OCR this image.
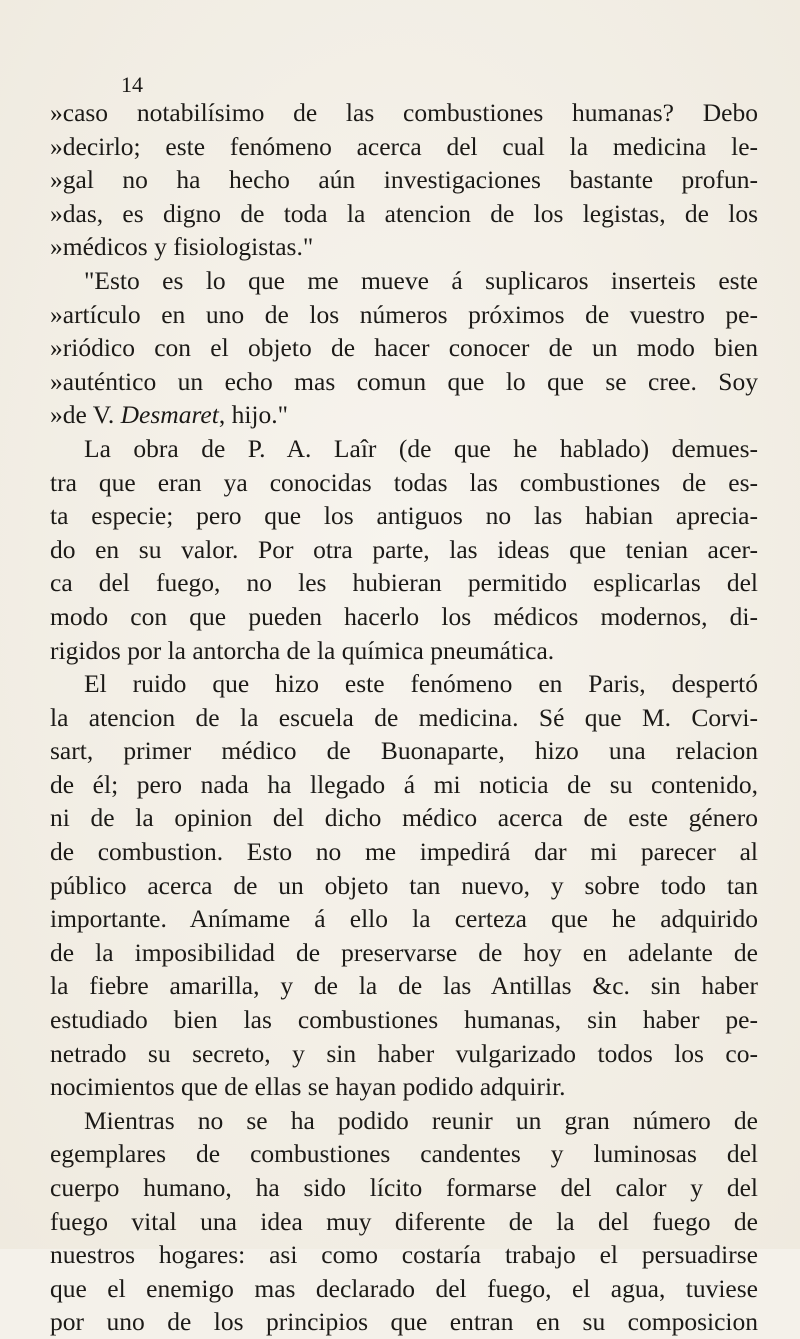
14
»caso notabilísimo de las combustiones humanas? Debo
»decirlo; este fenómeno acerca del cual la medicina le-
»gal no ha hecho aún investigaciones bastante profun-
»das, es digno de toda la atencion de los legistas, de los
»médicos y fisiologistas."
"Esto es lo que me mueve á suplicaros inserteis este
»artículo en uno de los números próximos de vuestro pe-
»riódico con el objeto de hacer conocer de un modo bien
»auténtico un echo mas comun que lo que se cree. Soy
»de V. Desmaret, hijo."
La obra de P. A. Laîr (de que he hablado) demues-
tra que eran ya conocidas todas las combustiones de es-
ta especie; pero que los antiguos no las habian apreciа-
do en su valor. Por otra parte, las ideas que tenian acer-
ca del fuego, no les hubieran permitido esplicarlas del
modo con que pueden hacerlo los médicos modernos, di-
rigidos por la antorcha de la química pneumática.
El ruido que hizo este fenómeno en Paris, despertó
la atencion de la escuela de medicina. Sé que M. Corvi-
sart, primer médico de Buonaparte, hizo una relacion
de él; pero nada ha llegado á mi noticia de su contenido,
ni de la opinion del dicho médico acerca de este género
de combustion. Esto no me impedirá dar mi parecer al
público acerca de un objeto tan nuevo, y sobre todo tan
importante. Anímame á ello la certeza que he adquirido
de la imposibilidad de preservarse de hoy en adelante de
la fiebre amarilla, y de la de las Antillas &c. sin haber
estudiado bien las combustiones humanas, sin haber pe-
netrado su secreto, y sin haber vulgarizado todos los co-
nocimientos que de ellas se hayan podido adquirir.
Mientras no se ha podido reunir un gran número de
egemplares de combustiones candentes y luminosas del
cuerpo humano, ha sido lícito formarse del calor y del
fuego vital una idea muy diferente de la del fuego de
nuestros hogares: asi como costaría trabajo el persuadirse
que el enemigo mas declarado del fuego, el agua, tuviese
por uno de los principios que entran en su composicion
